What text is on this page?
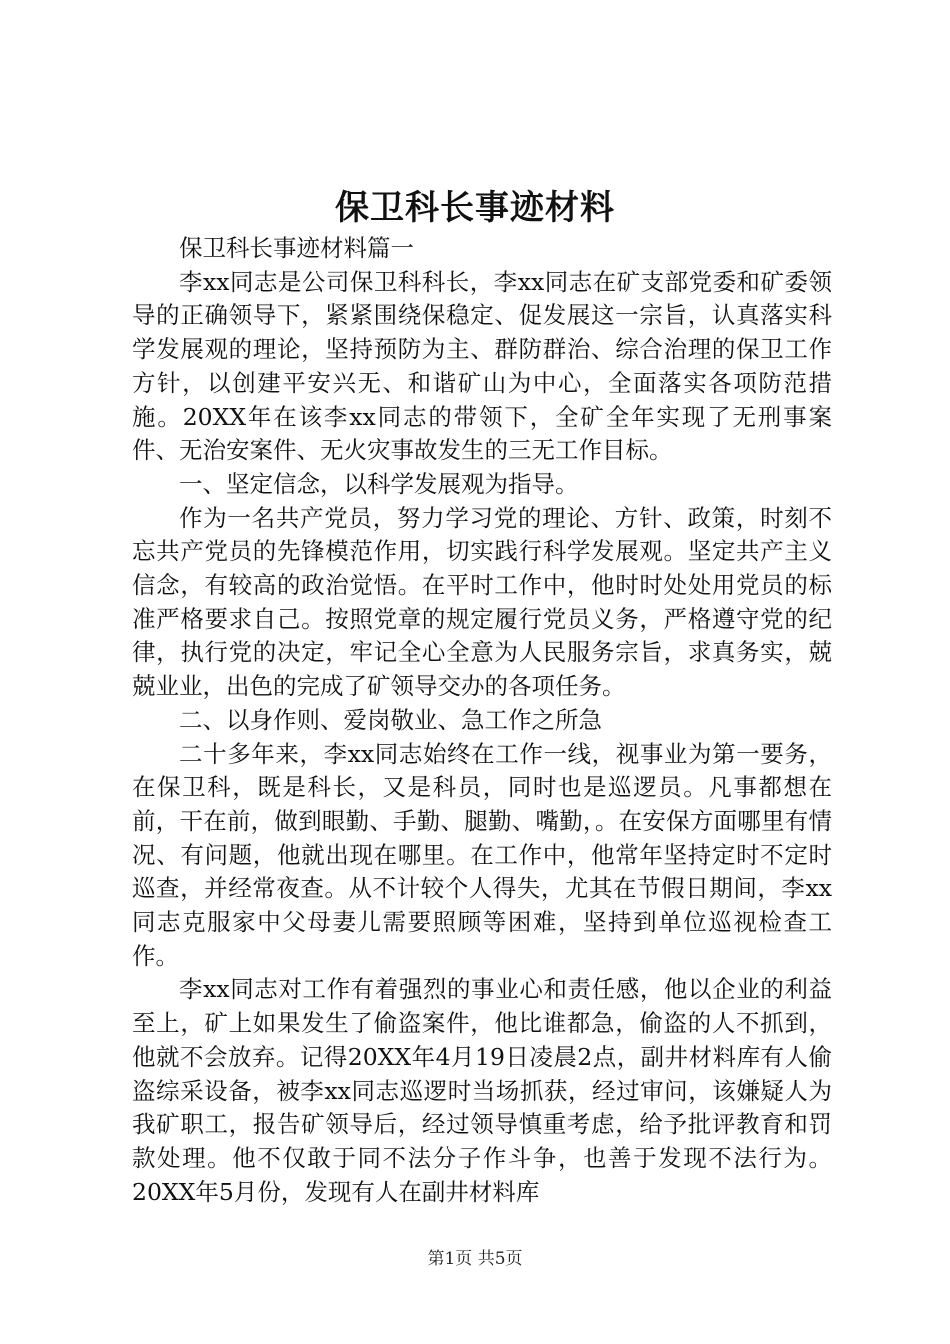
保卫科长事迹材料

保卫科长事迹材料篇一

李xx同志是公司保卫科科长，李xx同志在矿支部党委和矿委领导的正确领导下，紧紧围绕保稳定、促发展这一宗旨，认真落实科学发展观的理论，坚持预防为主、群防群治、综合治理的保卫工作方针，以创建平安兴无、和谐矿山为中心，全面落实各项防范措施。20XX年在该李xx同志的带领下，全矿全年实现了无刑事案件、无治安案件、无火灾事故发生的三无工作目标。

一、坚定信念，以科学发展观为指导。

作为一名共产党员，努力学习党的理论、方针、政策，时刻不忘共产党员的先锋模范作用，切实践行科学发展观。坚定共产主义信念，有较高的政治觉悟。在平时工作中，他时时处处用党员的标准严格要求自己。按照党章的规定履行党员义务，严格遵守党的纪律，执行党的决定，牢记全心全意为人民服务宗旨，求真务实，兢兢业业，出色的完成了矿领导交办的各项任务。

二、以身作则、爱岗敬业、急工作之所急

二十多年来，李xx同志始终在工作一线，视事业为第一要务，在保卫科，既是科长，又是科员，同时也是巡逻员。凡事都想在前，干在前，做到眼勤、手勤、腿勤、嘴勤，。在安保方面哪里有情况、有问题，他就出现在哪里。在工作中，他常年坚持定时不定时巡查，并经常夜查。从不计较个人得失，尤其在节假日期间，李xx同志克服家中父母妻儿需要照顾等困难，坚持到单位巡视检查工作。

李xx同志对工作有着强烈的事业心和责任感，他以企业的利益至上，矿上如果发生了偷盗案件，他比谁都急，偷盗的人不抓到，他就不会放弃。记得20XX年4月19日凌晨2点，副井材料库有人偷盗综采设备，被李xx同志巡逻时当场抓获，经过审问，该嫌疑人为我矿职工，报告矿领导后，经过领导慎重考虑，给予批评教育和罚款处理。他不仅敢于同不法分子作斗争，也善于发现不法行为。20XX年5月份，发现有人在副井材料库

第1页 共5页
